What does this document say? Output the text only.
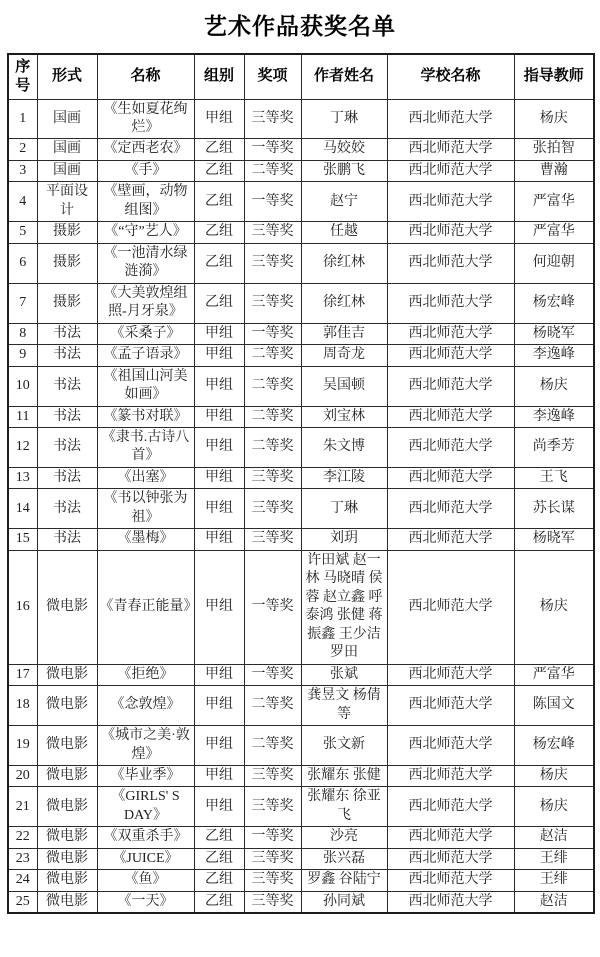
艺术作品获奖名单
序号	形式	名称	组别	奖项	作者姓名	学校名称	指导教师
1	国画	《生如夏花绚烂》	甲组	三等奖	丁琳	西北师范大学	杨庆
2	国画	《定西老农》	乙组	一等奖	马姣姣	西北师范大学	张拍智
3	国画	《手》	乙组	二等奖	张鹏飞	西北师范大学	曹瀚
4	平面设计	《壁画，动物组图》	乙组	一等奖	赵宁	西北师范大学	严富华
5	摄影	《“守”艺人》	乙组	三等奖	任越	西北师范大学	严富华
6	摄影	《一池清水绿涟漪》	乙组	三等奖	徐红林	西北师范大学	何迎朝
7	摄影	《大美敦煌组照-月牙泉》	乙组	三等奖	徐红林	西北师范大学	杨宏峰
8	书法	《采桑子》	甲组	一等奖	郭佳吉	西北师范大学	杨晓军
9	书法	《孟子语录》	甲组	二等奖	周奇龙	西北师范大学	李逸峰
10	书法	《祖国山河美如画》	甲组	二等奖	吴国顿	西北师范大学	杨庆
11	书法	《篆书对联》	甲组	二等奖	刘宝林	西北师范大学	李逸峰
12	书法	《隶书.古诗八首》	甲组	二等奖	朱文博	西北师范大学	尚季芳
13	书法	《出塞》	甲组	三等奖	李江陵	西北师范大学	王飞
14	书法	《书以钟张为祖》	甲组	三等奖	丁琳	西北师范大学	苏长谋
15	书法	《墨梅》	甲组	三等奖	刘玥	西北师范大学	杨晓军
16	微电影	《青春正能量》	甲组	一等奖	许田斌 赵一林 马晓晴 侯蓉 赵立鑫 呼泰鸿 张健 蒋振鑫 王少洁 罗田	西北师范大学	杨庆
17	微电影	《拒绝》	甲组	一等奖	张斌	西北师范大学	严富华
18	微电影	《念敦煌》	甲组	二等奖	龚昱文 杨倩等	西北师范大学	陈国文
19	微电影	《城市之美·敦煌》	甲组	二等奖	张文新	西北师范大学	杨宏峰
20	微电影	《毕业季》	甲组	三等奖	张耀东 张健	西北师范大学	杨庆
21	微电影	《GIRLS' S DAY》	甲组	三等奖	张耀东 徐亚飞	西北师范大学	杨庆
22	微电影	《双重杀手》	乙组	一等奖	沙亮	西北师范大学	赵洁
23	微电影	《JUICE》	乙组	三等奖	张兴磊	西北师范大学	王绯
24	微电影	《鱼》	乙组	三等奖	罗鑫 谷陆宁	西北师范大学	王绯
25	微电影	《一天》	乙组	三等奖	孙同斌	西北师范大学	赵洁
